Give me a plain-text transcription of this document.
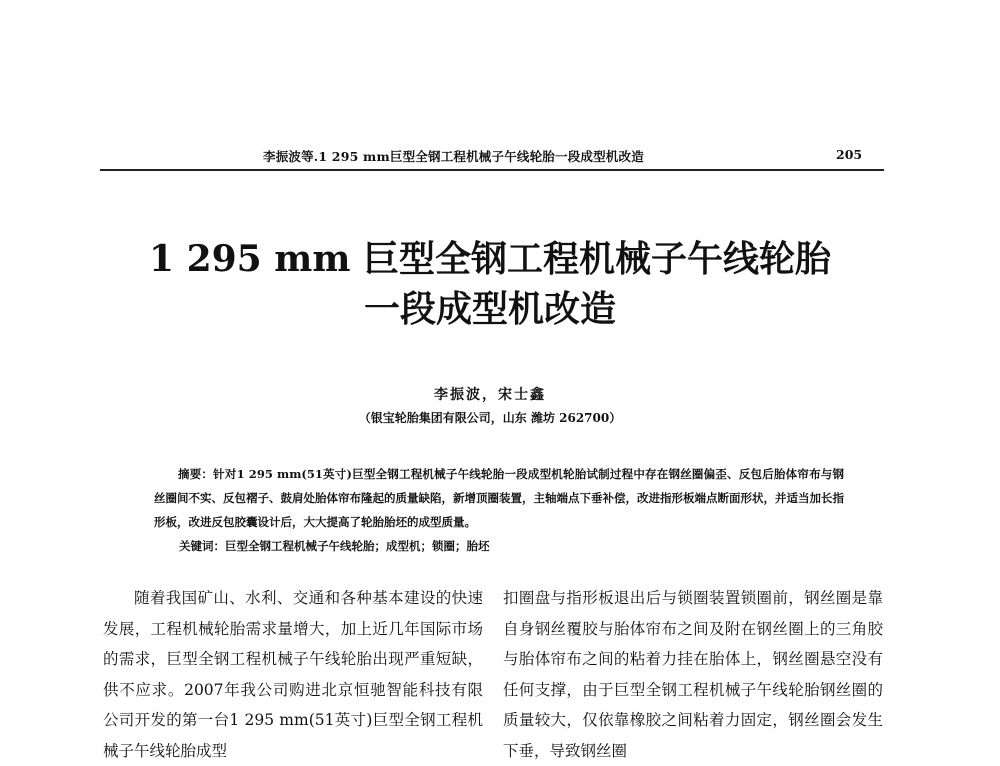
李振波等.1 295 mm巨型全钢工程机械子午线轮胎一段成型机改造	205
1 295 mm 巨型全钢工程机械子午线轮胎
一段成型机改造
李振波，宋士鑫
（银宝轮胎集团有限公司，山东 潍坊 262700）
摘要：针对1 295 mm(51英寸)巨型全钢工程机械子午线轮胎一段成型机轮胎试制过程中存在钢丝圈偏歪、反包后胎体帘布与钢丝圈间不实、反包褶子、鼓肩处胎体帘布隆起的质量缺陷，新增顶圈装置，主轴端点下垂补偿，改进指形板端点断面形状，并适当加长指形板，改进反包胶囊设计后，大大提高了轮胎胎坯的成型质量。
关键词：巨型全钢工程机械子午线轮胎；成型机；锁圈；胎坯
随着我国矿山、水利、交通和各种基本建设的快速发展，工程机械轮胎需求量增大，加上近几年国际市场的需求，巨型全钢工程机械子午线轮胎出现严重短缺，供不应求。2007年我公司购进北京恒驰智能科技有限公司开发的第一台1 295 mm(51英寸)巨型全钢工程机械子午线轮胎成型
扣圈盘与指形板退出后与锁圈装置锁圈前，钢丝圈是靠自身钢丝覆胶与胎体帘布之间及附在钢丝圈上的三角胶与胎体帘布之间的粘着力挂在胎体上，钢丝圈悬空没有任何支撑，由于巨型全钢工程机械子午线轮胎钢丝圈的质量较大，仅依靠橡胶之间粘着力固定，钢丝圈会发生下垂，导致钢丝圈
